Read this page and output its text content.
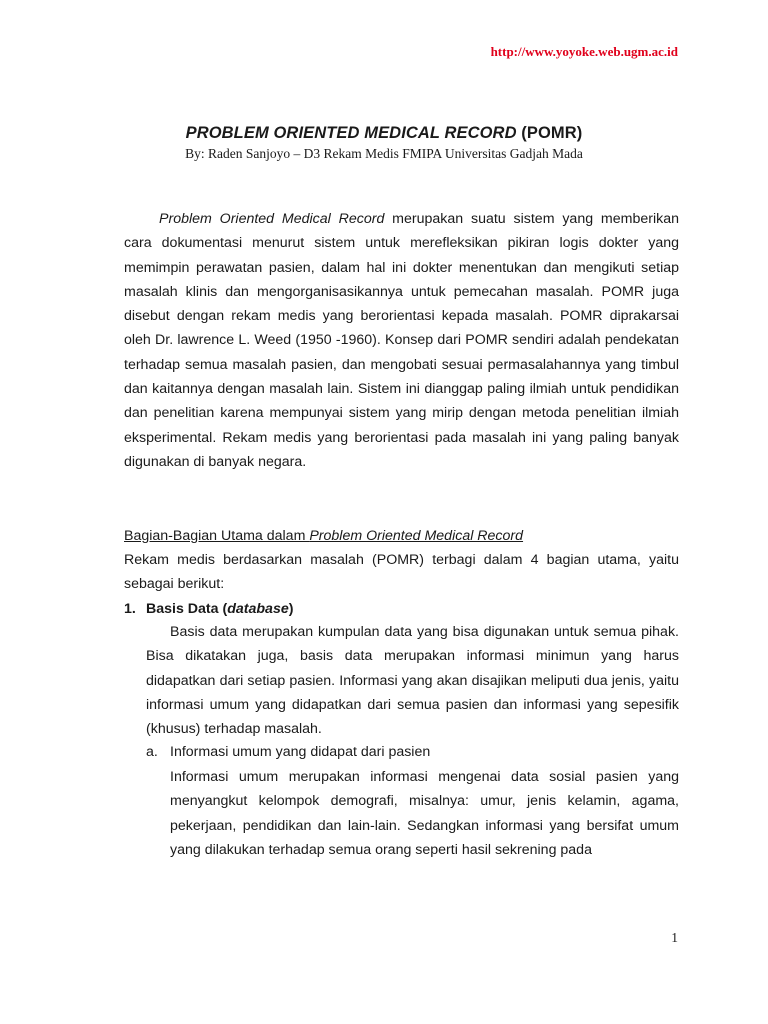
http://www.yoyoke.web.ugm.ac.id
PROBLEM ORIENTED MEDICAL RECORD (POMR)
By: Raden Sanjoyo – D3 Rekam Medis FMIPA Universitas Gadjah Mada
Problem Oriented Medical Record merupakan suatu sistem yang memberikan cara dokumentasi menurut sistem untuk merefleksikan pikiran logis dokter yang memimpin perawatan pasien, dalam hal ini dokter menentukan dan mengikuti setiap masalah klinis dan mengorganisasikannya untuk pemecahan masalah. POMR juga disebut dengan rekam medis yang berorientasi kepada masalah. POMR diprakarsai oleh Dr. lawrence L. Weed (1950 -1960). Konsep dari POMR sendiri adalah pendekatan terhadap semua masalah pasien, dan mengobati sesuai permasalahannya yang timbul dan kaitannya dengan masalah lain. Sistem ini dianggap paling ilmiah untuk pendidikan dan penelitian karena mempunyai sistem yang mirip dengan metoda penelitian ilmiah eksperimental. Rekam medis yang berorientasi pada masalah ini yang paling banyak digunakan di banyak negara.
Bagian-Bagian Utama dalam Problem Oriented Medical Record
Rekam medis berdasarkan masalah (POMR) terbagi dalam 4 bagian utama, yaitu sebagai berikut:
1. Basis Data (database)
Basis data merupakan kumpulan data yang bisa digunakan untuk semua pihak. Bisa dikatakan juga, basis data merupakan informasi minimun yang harus didapatkan dari setiap pasien. Informasi yang akan disajikan meliputi dua jenis, yaitu informasi umum yang didapatkan dari semua pasien dan informasi yang sepesifik (khusus) terhadap masalah.
a. Informasi umum yang didapat dari pasien
Informasi umum merupakan informasi mengenai data sosial pasien yang menyangkut kelompok demografi, misalnya: umur, jenis kelamin, agama, pekerjaan, pendidikan dan lain-lain. Sedangkan informasi yang bersifat umum yang dilakukan terhadap semua orang seperti hasil sekrening pada
1
